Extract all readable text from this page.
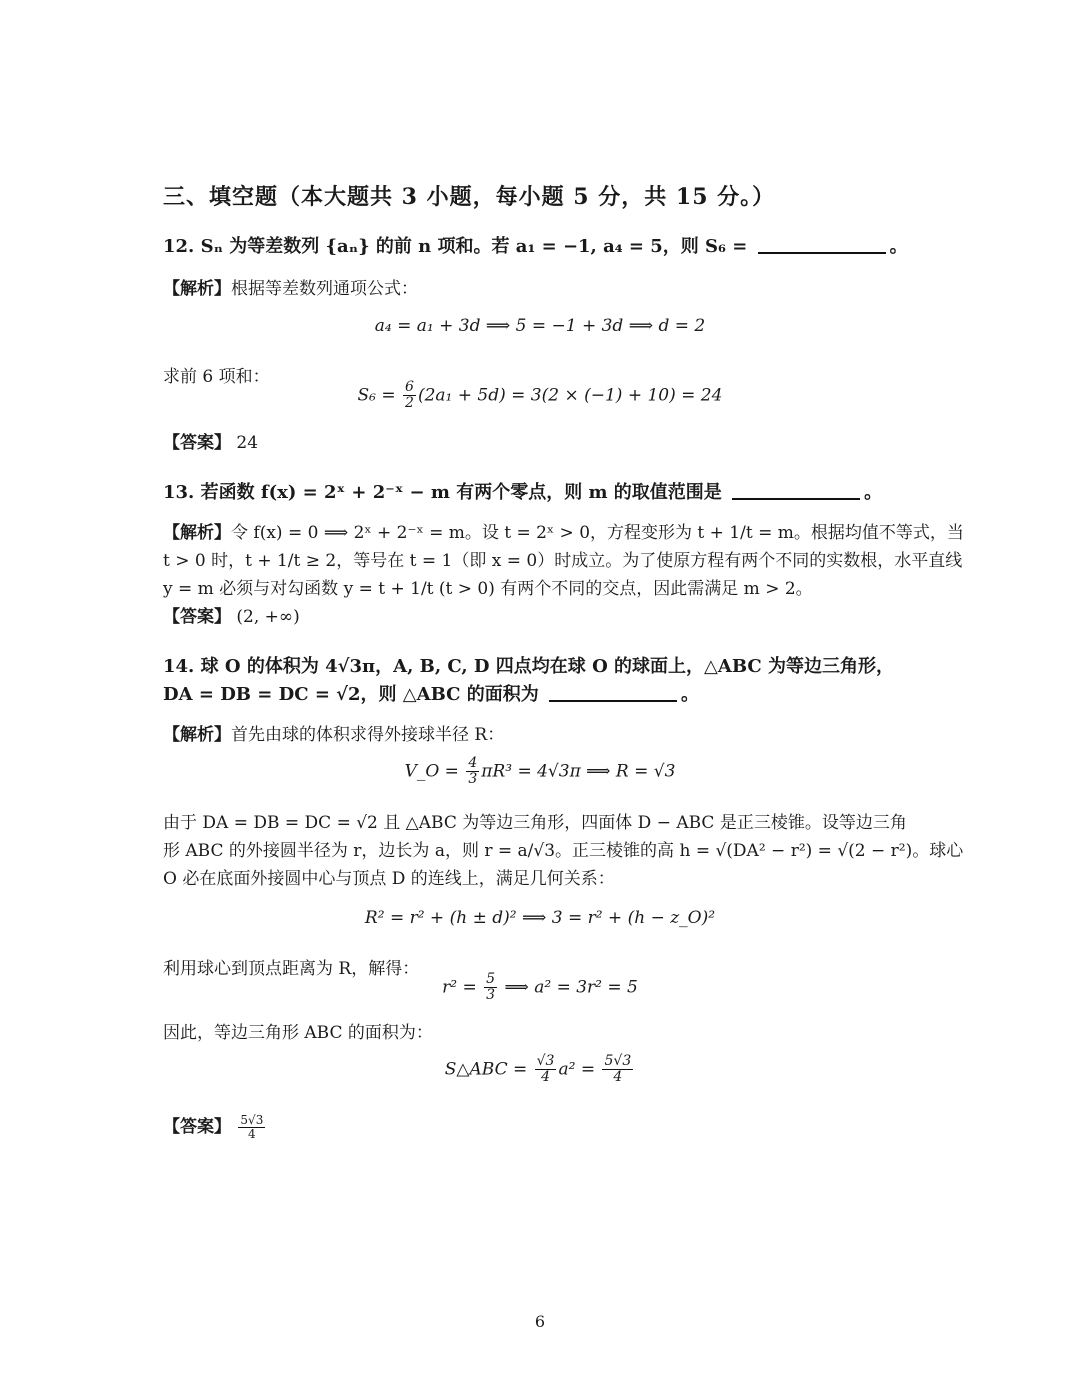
三、填空题（本大题共 3 小题，每小题 5 分，共 15 分。）
12. Sₙ 为等差数列 {aₙ} 的前 n 项和。若 a₁ = −1, a₄ = 5，则 S₆ =	。
【解析】根据等差数列通项公式：
a₄ = a₁ + 3d ⟹ 5 = −1 + 3d ⟹ d = 2
求前 6 项和：
$S_6 = \frac{6}{2} (2a_1 + 5d) = 3(2 \times (-1) + 10) = 24$
【答案】 24
13. 若函数 f(x) = 2ˣ + 2⁻ˣ − m 有两个零点，则 m 的取值范围是	。
【解析】令 f(x) = 0 ⟹ 2ˣ + 2⁻ˣ = m。设 t = 2ˣ > 0，方程变形为 t + 1/t = m。根据均值不等式，当
t > 0 时，t + 1/t ≥ 2，等号在 t = 1（即 x = 0）时成立。为了使原方程有两个不同的实数根，水平直线
y = m 必须与对勾函数 y = t + 1/t (t > 0) 有两个不同的交点，因此需满足 m > 2。
【答案】 (2, +∞)
14. 球 O 的体积为 4√3π，A, B, C, D 四点均在球 O 的球面上，△ABC 为等边三角形，
DA = DB = DC = √2，则 △ABC 的面积为	。
【解析】首先由球的体积求得外接球半径 R：
V_O = $\frac{4}{3} \pi R^3 = 4√3\pi$ ⟹ R = √3
由于 DA = DB = DC = √2 且 △ABC 为等边三角形，四面体 D − ABC 是正三棱锥。设等边三角
形 ABC 的外接圆半径为 r，边长为 a，则 r = a/√3。正三棱锥的高 h = √(DA² − r²) = √(2 − r²)。球心
O 必在底面外接圆中心与顶点 D 的连线上，满足几何关系：
R² = r² + (h ± d)² ⟹ 3 = r² + (h − z_O)²
利用球心到顶点距离为 R，解得：
$r^2 = \frac{5}{3}$ ⟹ a² = 3r² = 5
因此，等边三角形 ABC 的面积为：
S△ABC = $\frac{√3}{4} a^2 = \frac{5√3}{4}$
【答案】 $\frac{5√3}{4}$
6
